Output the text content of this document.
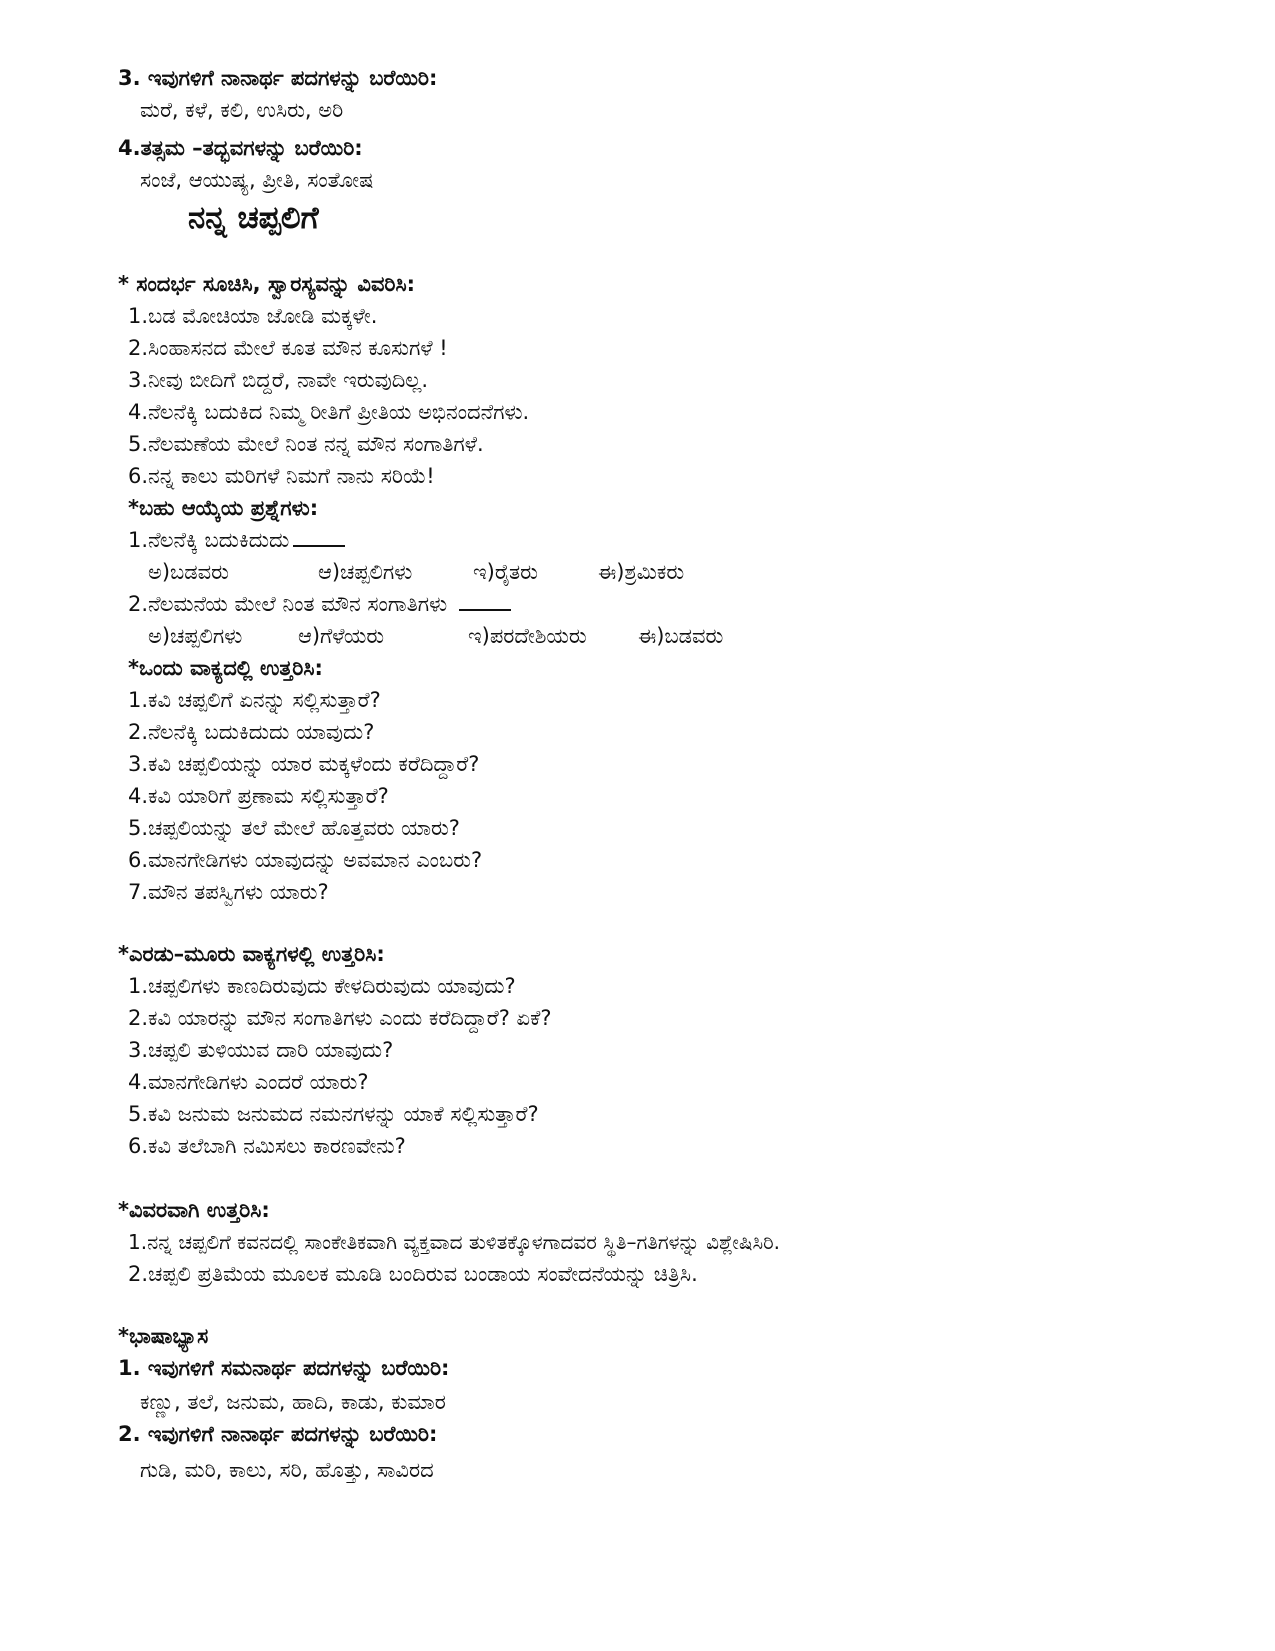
3. ಇವುಗಳಿಗೆ ನಾನಾರ್ಥ ಪದಗಳನ್ನು ಬರೆಯಿರಿ:
ಮರೆ, ಕಳೆ, ಕಲಿ, ಉಸಿರು, ಅರಿ
4.ತತ್ಸಮ –ತದ್ಭವಗಳನ್ನು ಬರೆಯಿರಿ:
ಸಂಜೆ, ಆಯುಷ್ಯ, ಪ್ರೀತಿ, ಸಂತೋಷ
ನನ್ನ ಚಪ್ಪಲಿಗೆ
* ಸಂದರ್ಭ ಸೂಚಿಸಿ, ಸ್ವಾರಸ್ಯವನ್ನು ವಿವರಿಸಿ:
1.ಬಡ ಮೋಚಿಯಾ ಜೋಡಿ ಮಕ್ಕಳೇ.
2.ಸಿಂಹಾಸನದ ಮೇಲೆ ಕೂತ ಮೌನ ಕೂಸುಗಳೆ !
3.ನೀವು ಬೀದಿಗೆ ಬಿದ್ದರೆ, ನಾವೇ ಇರುವುದಿಲ್ಲ.
4.ನೆಲನೆಕ್ಕಿ ಬದುಕಿದ ನಿಮ್ಮ ರೀತಿಗೆ ಪ್ರೀತಿಯ ಅಭಿನಂದನೆಗಳು.
5.ನೆಲಮಣೆಯ ಮೇಲೆ ನಿಂತ ನನ್ನ ಮೌನ ಸಂಗಾತಿಗಳೆ.
6.ನನ್ನ ಕಾಲು ಮರಿಗಳೆ ನಿಮಗೆ ನಾನು ಸರಿಯೆ!
*ಬಹು ಆಯ್ಕೆಯ ಪ್ರಶ್ನೆಗಳು:
1.ನೆಲನೆಕ್ಕಿ ಬದುಕಿದುದು
ಅ)ಬಡವರು	ಆ)ಚಪ್ಪಲಿಗಳು	ಇ)ರೈತರು	ಈ)ಶ್ರಮಿಕರು
2.ನೆಲಮನೆಯ ಮೇಲೆ ನಿಂತ ಮೌನ ಸಂಗಾತಿಗಳು
ಅ)ಚಪ್ಪಲಿಗಳು	ಆ)ಗೆಳೆಯರು	ಇ)ಪರದೇಶಿಯರು ಈ)ಬಡವರು
*ಒಂದು ವಾಕ್ಯದಲ್ಲಿ ಉತ್ತರಿಸಿ:
1.ಕವಿ ಚಪ್ಪಲಿಗೆ ಏನನ್ನು ಸಲ್ಲಿಸುತ್ತಾರೆ?
2.ನೆಲನೆಕ್ಕಿ ಬದುಕಿದುದು ಯಾವುದು?
3.ಕವಿ ಚಪ್ಪಲಿಯನ್ನು ಯಾರ ಮಕ್ಕಳೆಂದು ಕರೆದಿದ್ದಾರೆ?
4.ಕವಿ ಯಾರಿಗೆ ಪ್ರಣಾಮ ಸಲ್ಲಿಸುತ್ತಾರೆ?
5.ಚಪ್ಪಲಿಯನ್ನು ತಲೆ ಮೇಲೆ ಹೊತ್ತವರು ಯಾರು?
6.ಮಾನಗೇಡಿಗಳು ಯಾವುದನ್ನು ಅವಮಾನ ಎಂಬರು?
7.ಮೌನ ತಪಸ್ವಿಗಳು ಯಾರು?
*ಎರಡು–ಮೂರು ವಾಕ್ಯಗಳಲ್ಲಿ ಉತ್ತರಿಸಿ:
1.ಚಪ್ಪಲಿಗಳು ಕಾಣದಿರುವುದು ಕೇಳದಿರುವುದು ಯಾವುದು?
2.ಕವಿ ಯಾರನ್ನು ಮೌನ ಸಂಗಾತಿಗಳು ಎಂದು ಕರೆದಿದ್ದಾರೆ? ಏಕೆ?
3.ಚಪ್ಪಲಿ ತುಳಿಯುವ ದಾರಿ ಯಾವುದು?
4.ಮಾನಗೇಡಿಗಳು ಎಂದರೆ ಯಾರು?
5.ಕವಿ ಜನುಮ ಜನುಮದ ನಮನಗಳನ್ನು ಯಾಕೆ ಸಲ್ಲಿಸುತ್ತಾರೆ?
6.ಕವಿ ತಲೆಬಾಗಿ ನಮಿಸಲು ಕಾರಣವೇನು?
*ವಿವರವಾಗಿ ಉತ್ತರಿಸಿ:
1.ನನ್ನ ಚಪ್ಪಲಿಗೆ ಕವನದಲ್ಲಿ ಸಾಂಕೇತಿಕವಾಗಿ ವ್ಯಕ್ತವಾದ ತುಳಿತಕ್ಕೊಳಗಾದವರ ಸ್ಥಿತಿ–ಗತಿಗಳನ್ನು ವಿಶ್ಲೇಷಿಸಿರಿ.
2.ಚಪ್ಪಲಿ ಪ್ರತಿಮೆಯ ಮೂಲಕ ಮೂಡಿ ಬಂದಿರುವ ಬಂಡಾಯ ಸಂವೇದನೆಯನ್ನು ಚಿತ್ರಿಸಿ.
*ಭಾಷಾಭ್ಯಾಸ
1. ಇವುಗಳಿಗೆ ಸಮನಾರ್ಥ ಪದಗಳನ್ನು ಬರೆಯಿರಿ:
ಕಣ್ಣು, ತಲೆ, ಜನುಮ, ಹಾದಿ, ಕಾಡು, ಕುಮಾರ
2. ಇವುಗಳಿಗೆ ನಾನಾರ್ಥ ಪದಗಳನ್ನು ಬರೆಯಿರಿ:
ಗುಡಿ, ಮರಿ, ಕಾಲು, ಸರಿ, ಹೊತ್ತು, ಸಾವಿರದ
